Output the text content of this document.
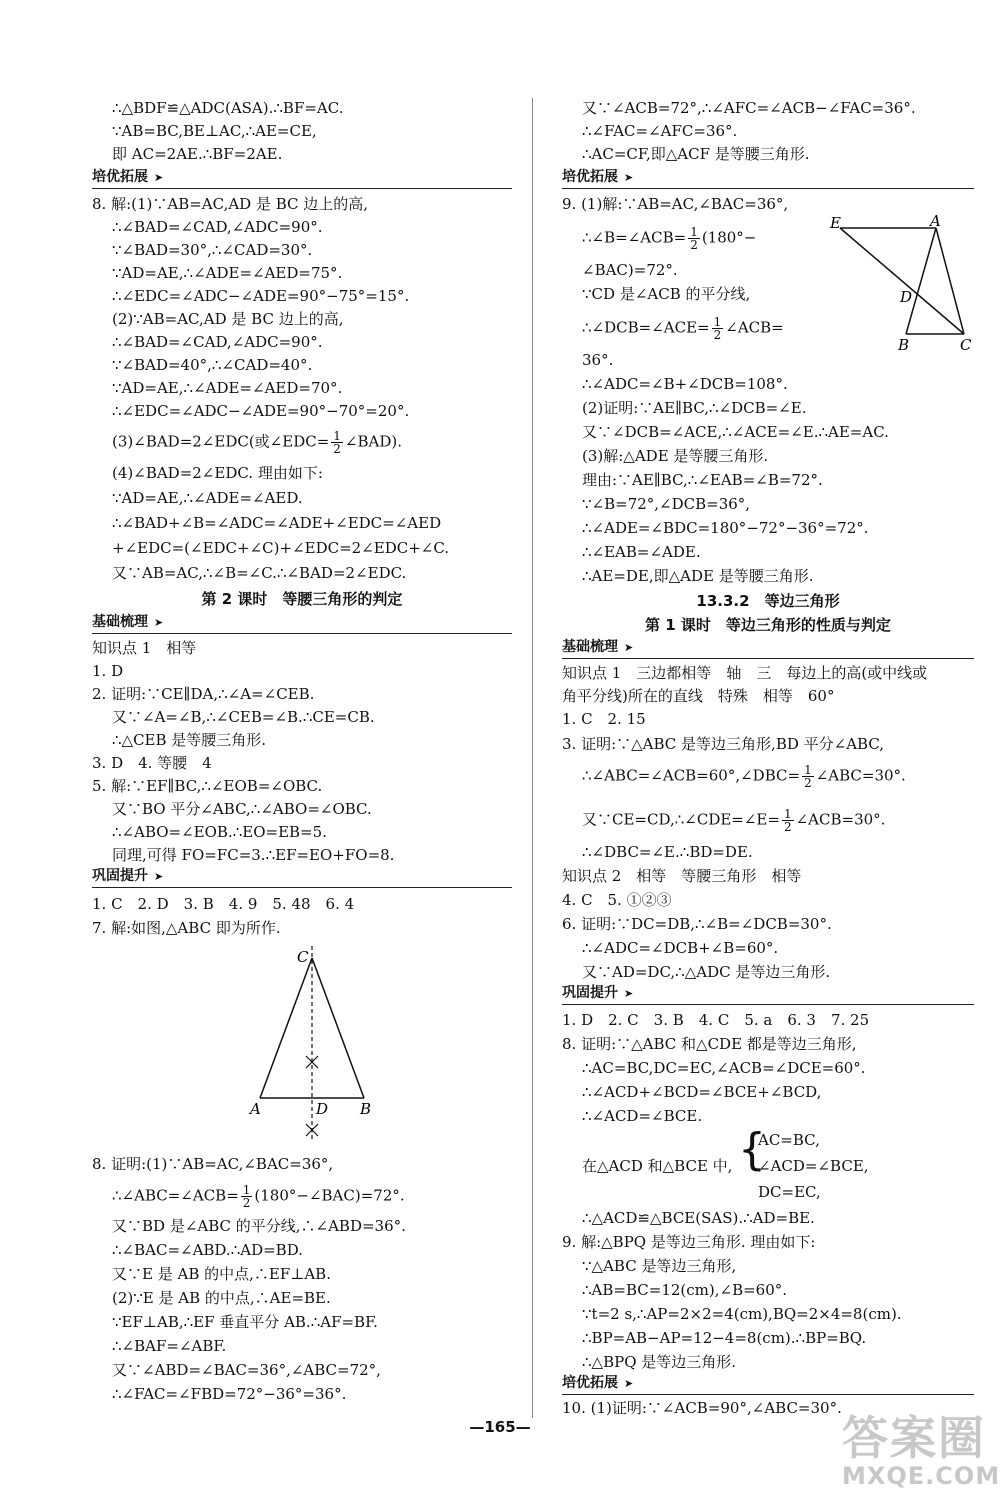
∴△BDF≌△ADC(ASA).∴BF=AC.
∵AB=BC,BE⊥AC,∴AE=CE,
即 AC=2AE.∴BF=2AE.
培优拓展 ➤
8. 解:(1)∵AB=AC,AD 是 BC 边上的高,
∴∠BAD=∠CAD,∠ADC=90°.
∵∠BAD=30°,∴∠CAD=30°.
∵AD=AE,∴∠ADE=∠AED=75°.
∴∠EDC=∠ADC−∠ADE=90°−75°=15°.
(2)∵AB=AC,AD 是 BC 边上的高,
∴∠BAD=∠CAD,∠ADC=90°.
∵∠BAD=40°,∴∠CAD=40°.
∵AD=AE,∴∠ADE=∠AED=70°.
∴∠EDC=∠ADC−∠ADE=90°−70°=20°.
(3)∠BAD=2∠EDC(或∠EDC= $\frac{1}{2}$ ∠BAD).
(4)∠BAD=2∠EDC. 理由如下:
∵AD=AE,∴∠ADE=∠AED.
∴∠BAD+∠B=∠ADC=∠ADE+∠EDC=∠AED
+∠EDC=(∠EDC+∠C)+∠EDC=2∠EDC+∠C.
又∵AB=AC,∴∠B=∠C.∴∠BAD=2∠EDC.
第 2 课时　等腰三角形的判定
基础梳理 ➤
知识点 1　相等
1. D
2. 证明:∵CE∥DA,∴∠A=∠CEB.
又∵∠A=∠B,∴∠CEB=∠B.∴CE=CB.
∴△CEB 是等腰三角形.
3. D　4. 等腰　4
5. 解:∵EF∥BC,∴∠EOB=∠OBC.
又∵BO 平分∠ABC,∴∠ABO=∠OBC.
∴∠ABO=∠EOB.∴EO=EB=5.
同理,可得 FO=FC=3.∴EF=EO+FO=8.
巩固提升 ➤
1. C　2. D　3. B　4. 9　5. 48　6. 4
7. 解:如图,△ABC 即为所作.
C
A	D B
8. 证明:(1)∵AB=AC,∠BAC=36°,
∴∠ABC=∠ACB= $\frac{1}{2}$ (180°−∠BAC)=72°.
又∵BD 是∠ABC 的平分线,∴∠ABD=36°.
∴∠BAC=∠ABD.∴AD=BD.
又∵E 是 AB 的中点,∴EF⊥AB.
(2)∵E 是 AB 的中点,∴AE=BE.
∵EF⊥AB,∴EF 垂直平分 AB.∴AF=BF.
∴∠BAF=∠ABF.
又∵∠ABD=∠BAC=36°,∠ABC=72°,
∴∠FAC=∠FBD=72°−36°=36°.
又∵∠ACB=72°,∴∠AFC=∠ACB−∠FAC=36°.
∴∠FAC=∠AFC=36°.
∴AC=CF,即△ACF 是等腰三角形.
培优拓展 ➤
9. (1)解:∵AB=AC,∠BAC=36°,
∴∠B=∠ACB= $\frac{1}{2} (180^\circ-$
∠BAC)=72°.
∵CD 是∠ACB 的平分线,
∴∠DCB=∠ACE= $\frac{1}{2}$ ∠ACB=
36°.
E	A
D
B	C
∴∠ADC=∠B+∠DCB=108°.
(2)证明:∵AE∥BC,∴∠DCB=∠E.
又∵∠DCB=∠ACE,∴∠ACE=∠E.∴AE=AC.
(3)解:△ADE 是等腰三角形.
理由:∵AE∥BC,∴∠EAB=∠B=72°.
∵∠B=72°,∠DCB=36°,
∴∠ADE=∠BDC=180°−72°−36°=72°.
∴∠EAB=∠ADE.
∴AE=DE,即△ADE 是等腰三角形.
13.3.2　等边三角形
第 1 课时　等边三角形的性质与判定
基础梳理 ➤
知识点 1　三边都相等　轴　三　每边上的高(或中线或
角平分线)所在的直线　特殊　相等　60°
1. C　2. 15
3. 证明:∵△ABC 是等边三角形,BD 平分∠ABC,
∴∠ABC=∠ACB=60°,∠DBC= $\frac{1}{2}$ ∠ABC=30°.
又∵CE=CD,∴∠CDE=∠E= $\frac{1}{2}$ ∠ACB=30°.
∴∠DBC=∠E.∴BD=DE.
知识点 2　相等　等腰三角形　相等
4. C　5. ①②③
6. 证明:∵DC=DB,∴∠B=∠DCB=30°.
∴∠ADC=∠DCB+∠B=60°.
又∵AD=DC,∴△ADC 是等边三角形.
巩固提升 ➤
1. D　2. C　3. B　4. C　5. a　6. 3　7. 25
8. 证明:∵△ABC 和△CDE 都是等边三角形,
∴AC=BC,DC=EC,∠ACB=∠DCE=60°.
∴∠ACD+∠BCD=∠BCE+∠BCD,
∴∠ACD=∠BCE.
在△ACD 和△BCE 中, {
AC=BC,
∠ACD=∠BCE,
DC=EC,
∴△ACD≌△BCE(SAS).∴AD=BE.
9. 解:△BPQ 是等边三角形. 理由如下:
∵△ABC 是等边三角形,
∴AB=BC=12(cm),∠B=60°.
∵t=2 s,∴AP=2×2=4(cm),BQ=2×4=8(cm).
∴BP=AB−AP=12−4=8(cm).∴BP=BQ.
∴△BPQ 是等边三角形.
培优拓展 ➤
10. (1)证明:∵∠ACB=90°,∠ABC=30°.
—165—	答案圈
MXQE.COM
